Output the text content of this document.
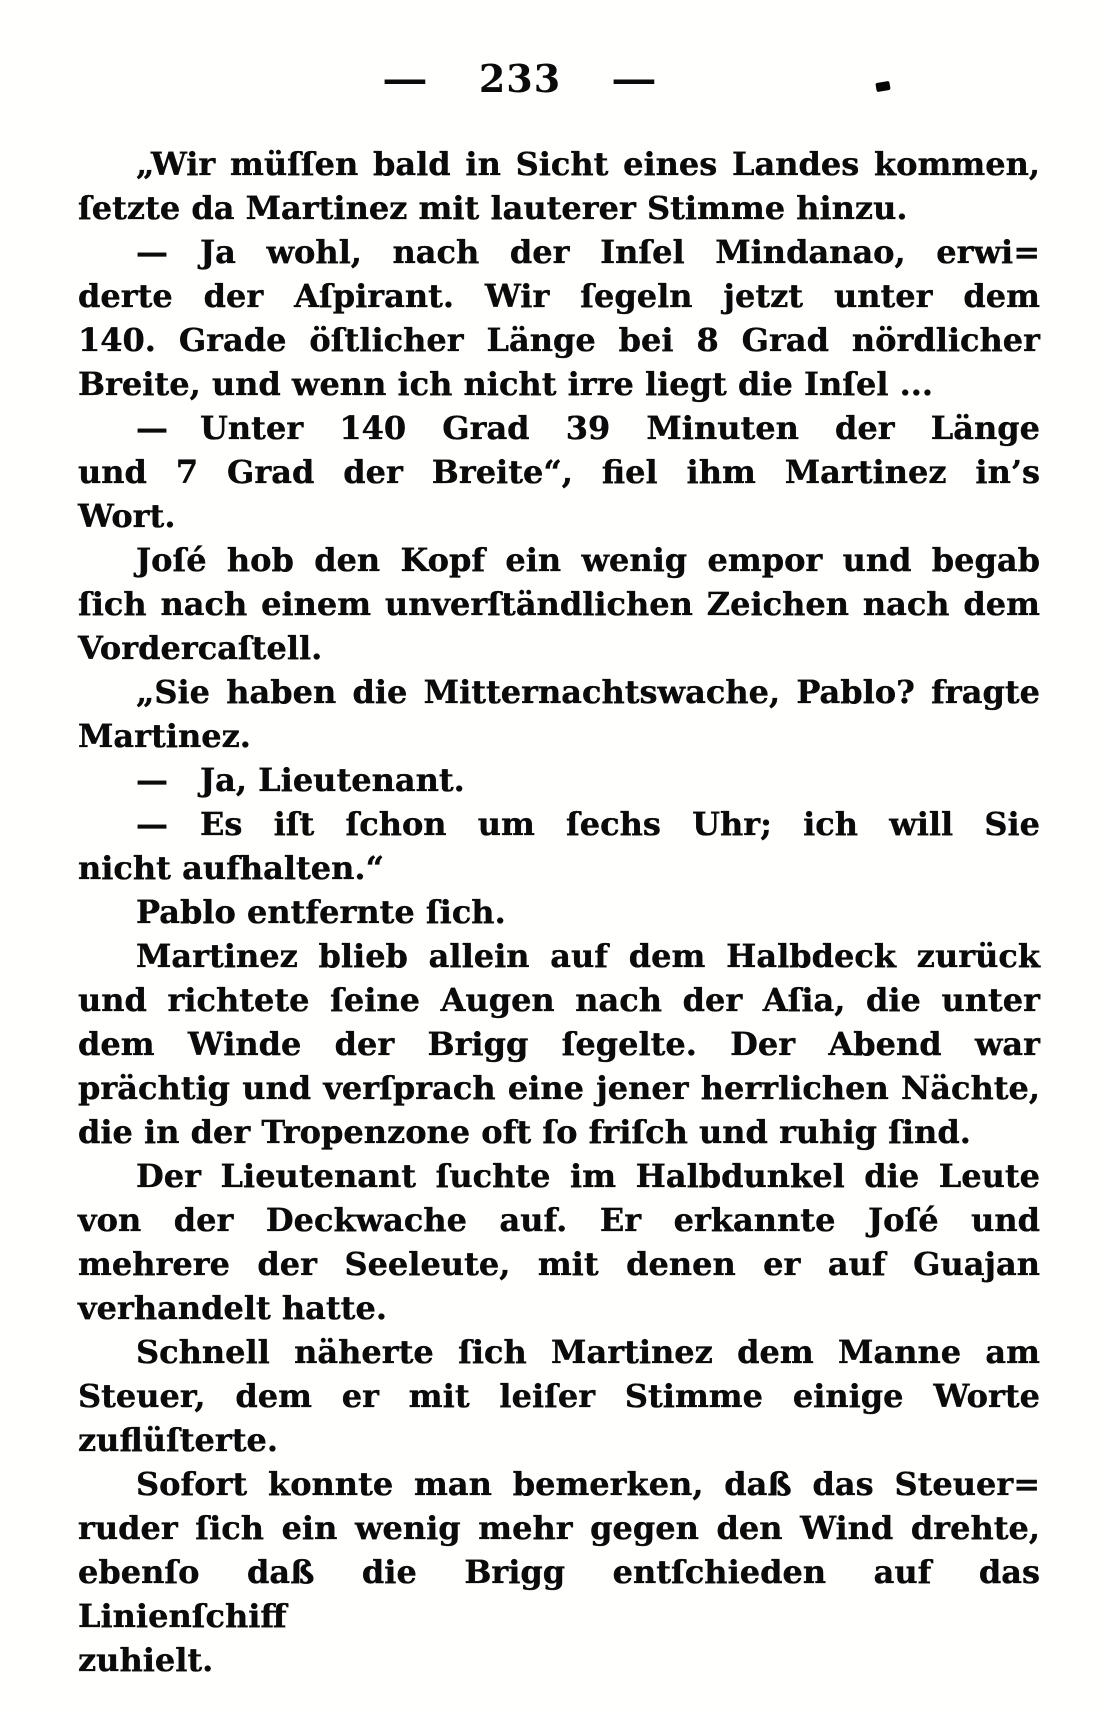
— 233 —
„Wir müſſen bald in Sicht eines Landes kommen,
ſetzte da Martinez mit lauterer Stimme hinzu.
— Ja wohl, nach der Inſel Mindanao, erwi=
derte der Aſpirant. Wir ſegeln jetzt unter dem
140. Grade öſtlicher Länge bei 8 Grad nördlicher
Breite, und wenn ich nicht irre liegt die Inſel ...
— Unter 140 Grad 39 Minuten der Länge
und 7 Grad der Breite“, fiel ihm Martinez in’s
Wort.
Joſé hob den Kopf ein wenig empor und begab
ſich nach einem unverſtändlichen Zeichen nach dem
Vordercaſtell.
„Sie haben die Mitternachtswache, Pablo? fragte
Martinez.
— Ja, Lieutenant.
— Es iſt ſchon um ſechs Uhr; ich will Sie
nicht aufhalten.“
Pablo entfernte ſich.
Martinez blieb allein auf dem Halbdeck zurück
und richtete ſeine Augen nach der Aſia, die unter
dem Winde der Brigg ſegelte. Der Abend war
prächtig und verſprach eine jener herrlichen Nächte,
die in der Tropenzone oft ſo friſch und ruhig ſind.
Der Lieutenant ſuchte im Halbdunkel die Leute
von der Deckwache auf. Er erkannte Joſé und
mehrere der Seeleute, mit denen er auf Guajan
verhandelt hatte.
Schnell näherte ſich Martinez dem Manne am
Steuer, dem er mit leiſer Stimme einige Worte
zuflüſterte.
Sofort konnte man bemerken, daß das Steuer=
ruder ſich ein wenig mehr gegen den Wind drehte,
ebenſo daß die Brigg entſchieden auf das Linienſchiff
zuhielt.
